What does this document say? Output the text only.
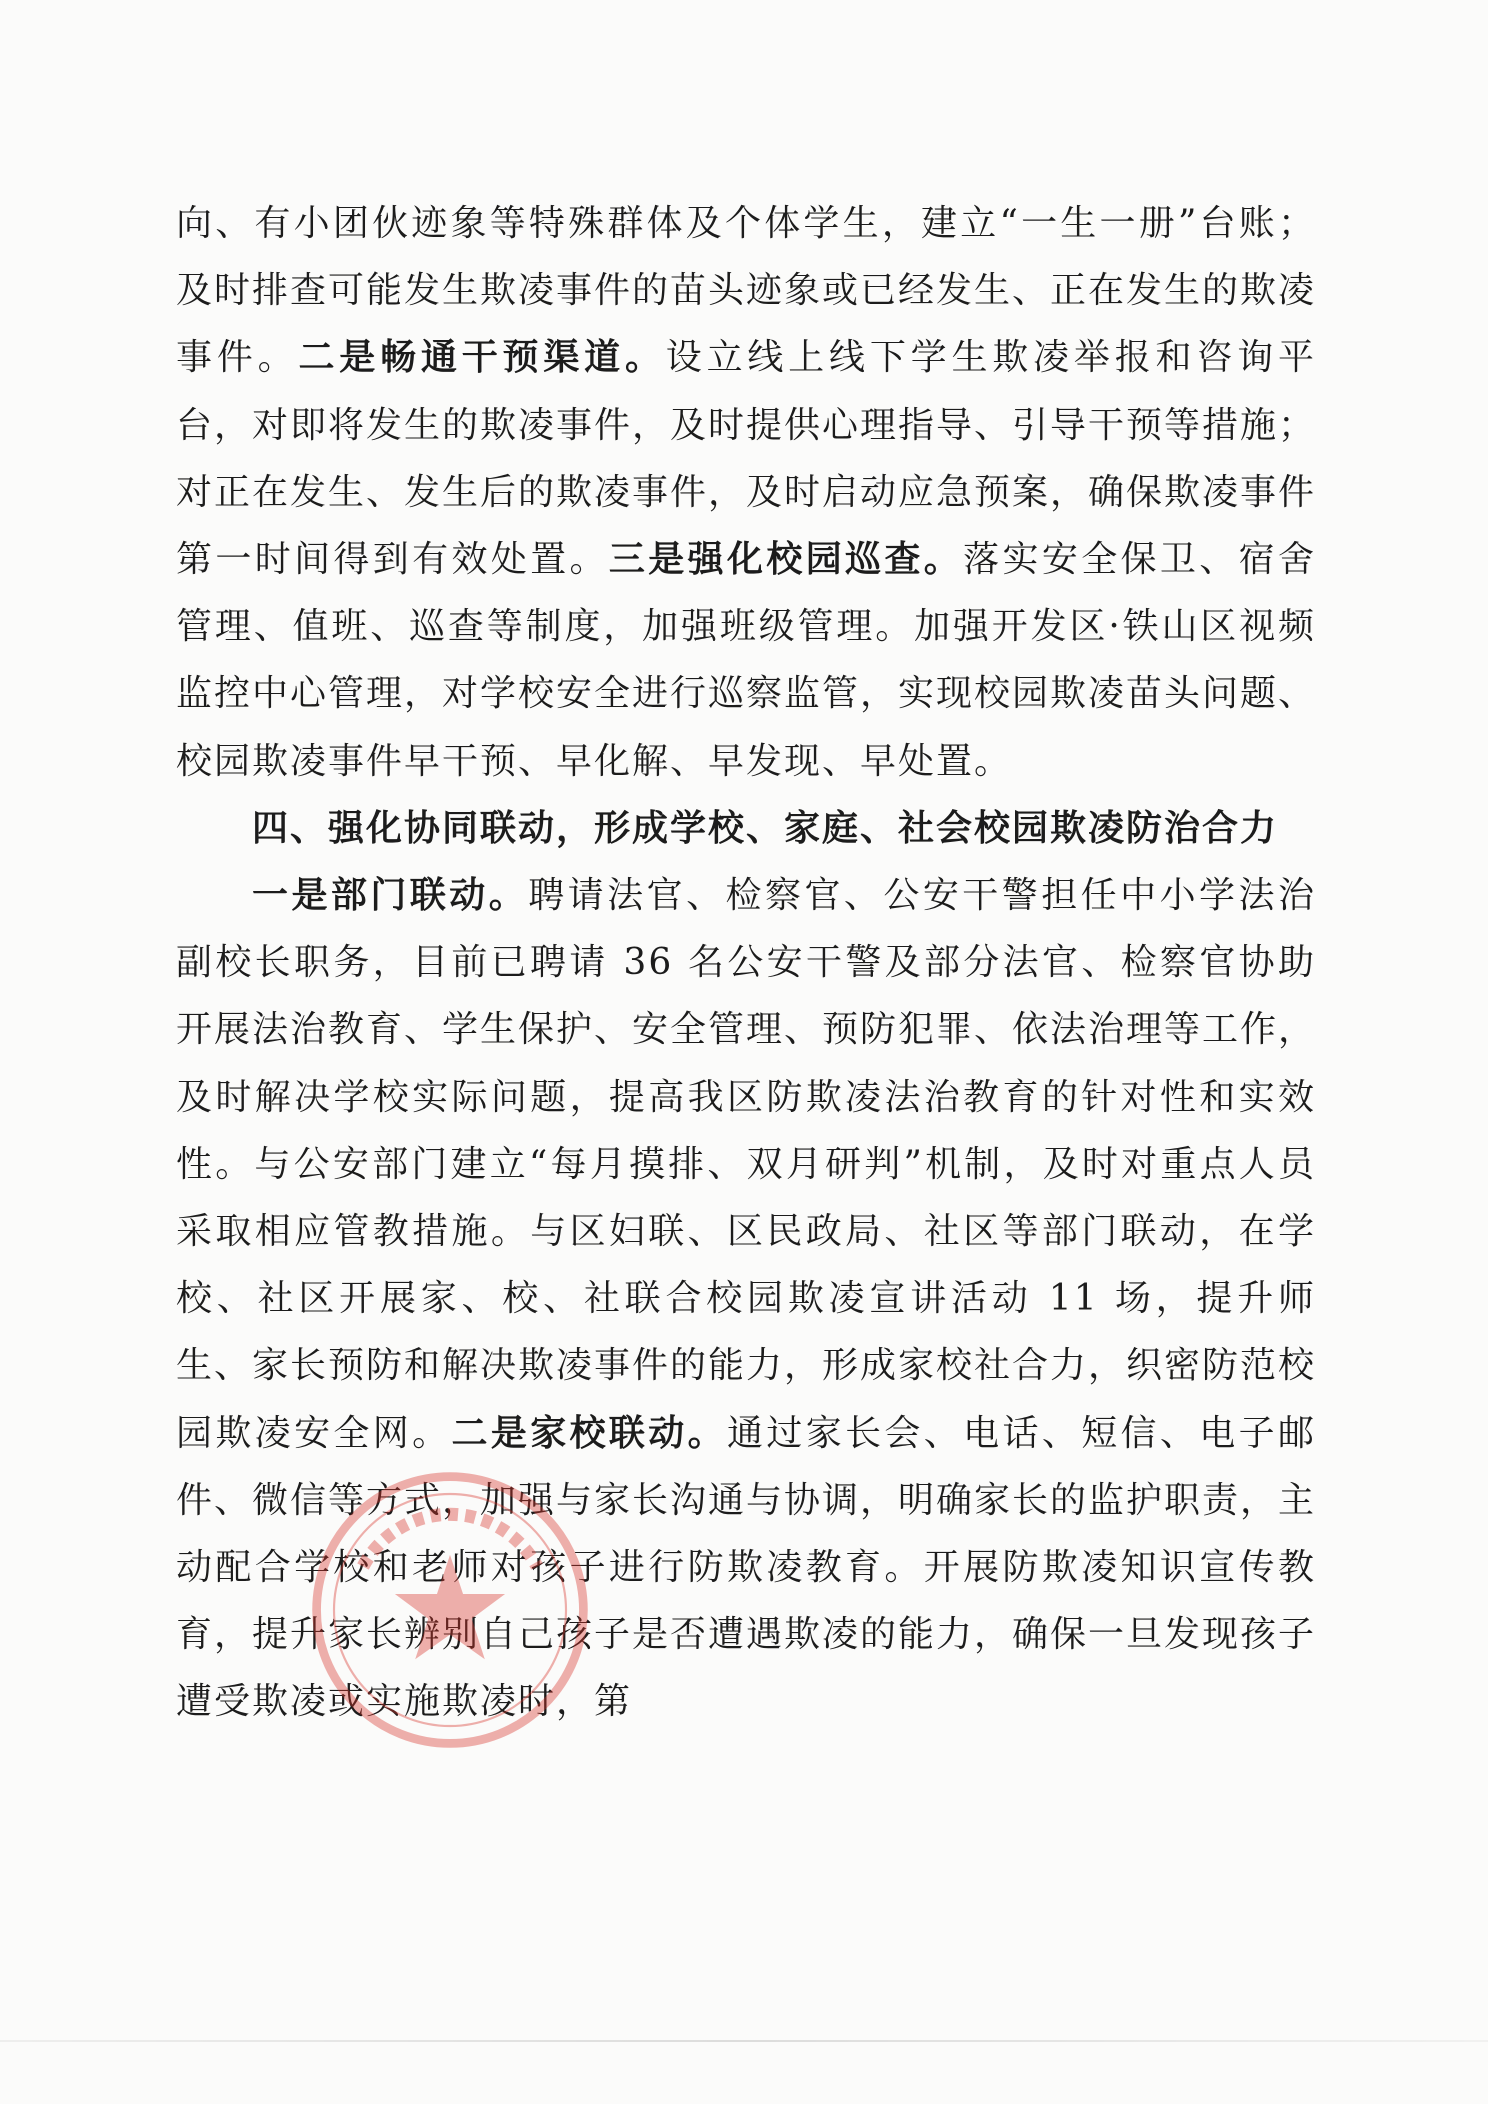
向、有小团伙迹象等特殊群体及个体学生，建立“一生一册”台账；及时排查可能发生欺凌事件的苗头迹象或已经发生、正在发生的欺凌事件。二是畅通干预渠道。设立线上线下学生欺凌举报和咨询平台，对即将发生的欺凌事件，及时提供心理指导、引导干预等措施；对正在发生、发生后的欺凌事件，及时启动应急预案，确保欺凌事件第一时间得到有效处置。三是强化校园巡查。落实安全保卫、宿舍管理、值班、巡查等制度，加强班级管理。加强开发区·铁山区视频监控中心管理，对学校安全进行巡察监管，实现校园欺凌苗头问题、校园欺凌事件早干预、早化解、早发现、早处置。

四、强化协同联动，形成学校、家庭、社会校园欺凌防治合力

一是部门联动。聘请法官、检察官、公安干警担任中小学法治副校长职务，目前已聘请 36 名公安干警及部分法官、检察官协助开展法治教育、学生保护、安全管理、预防犯罪、依法治理等工作，及时解决学校实际问题，提高我区防欺凌法治教育的针对性和实效性。与公安部门建立“每月摸排、双月研判”机制，及时对重点人员采取相应管教措施。与区妇联、区民政局、社区等部门联动，在学校、社区开展家、校、社联合校园欺凌宣讲活动 11 场，提升师生、家长预防和解决欺凌事件的能力，形成家校社合力，织密防范校园欺凌安全网。二是家校联动。通过家长会、电话、短信、电子邮件、微信等方式，加强与家长沟通与协调，明确家长的监护职责，主动配合学校和老师对孩子进行防欺凌教育。开展防欺凌知识宣传教育，提升家长辨别自己孩子是否遭遇欺凌的能力，确保一旦发现孩子遭受欺凌或实施欺凌时，第
